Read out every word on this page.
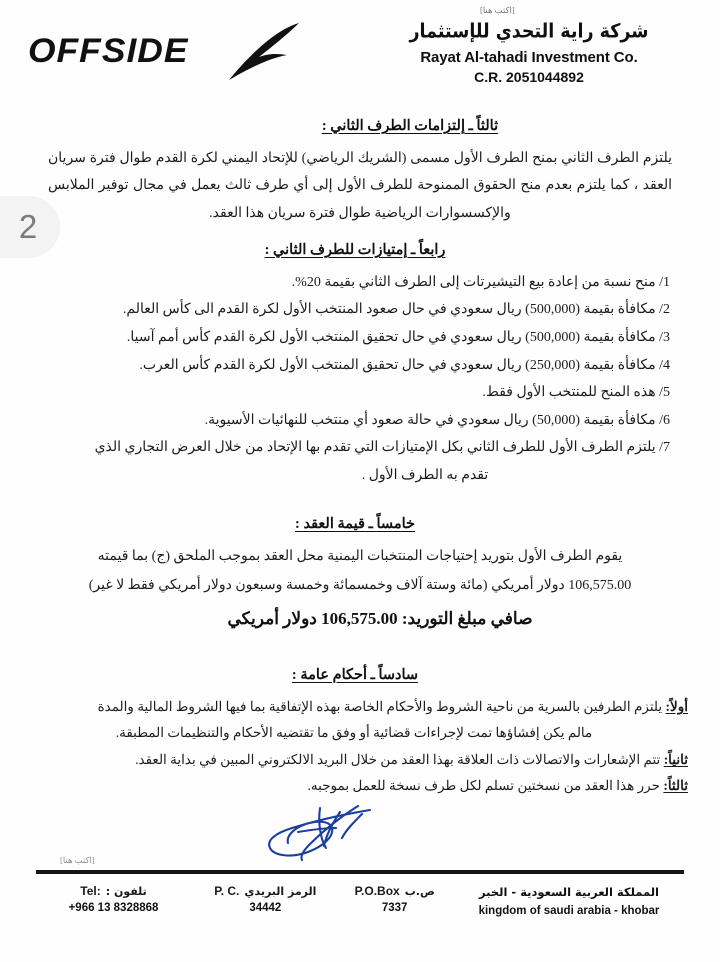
[اكتب هنا]
OFFSIDE
شركة راية التحدي للإستثمار
Rayat Al-tahadi Investment Co.
C.R. 2051044892
2
ثالثاً ـ إلتزامات الطرف الثاني :

يلتزم الطرف الثاني بمنح الطرف الأول مسمى (الشريك الرياضي) للإتحاد اليمني لكرة القدم طوال فترة سريان العقد ، كما يلتزم بعدم منح الحقوق الممنوحة للطرف الأول إلى أي طرف ثالث يعمل في مجال توفير الملابس والإكسسوارات الرياضية طوال فترة سريان هذا العقد.

رابعاً ـ إمتيازات للطرف الثاني :
1/ منح نسبة من إعادة بيع التيشيرتات إلى الطرف الثاني بقيمة 20%.
2/ مكافأة بقيمة (500,000) ريال سعودي في حال صعود المنتخب الأول لكرة القدم الى كأس العالم.
3/ مكافأة بقيمة (500,000) ريال سعودي في حال تحقيق المنتخب الأول لكرة القدم كأس أمم آسيا.
4/ مكافأة بقيمة (250,000) ريال سعودي في حال تحقيق المنتخب الأول لكرة القدم كأس العرب.
5/ هذه المنح للمنتخب الأول فقط.
6/ مكافأة بقيمة (50,000) ريال سعودي في حالة صعود أي منتخب للنهائيات الأسيوية.
7/ يلتزم الطرف الأول للطرف الثاني بكل الإمتيازات التي تقدم بها الإتحاد من خلال العرض التجاري الذي
تقدم به الطرف الأول .
خامساً ـ قيمة العقد :

يقوم الطرف الأول بتوريد إحتياجات المنتخبات اليمنية محل العقد بموجب الملحق (ج) بما قيمته

106,575.00 دولار أمريكي (مائة وستة آلاف وخمسمائة وخمسة وسبعون دولار أمريكي فقط لا غير)

صافي مبلغ التوريد: 106,575.00 دولار أمريكي
سادساً ـ أحكام عامة :

أولاً: يلتزم الطرفين بالسرية من ناحية الشروط والأحكام الخاصة بهذه الإتفاقية بما فيها الشروط المالية والمدة

مالم يكن إفشاؤها تمت لإجراءات قضائية أو وفق ما تقتضيه الأحكام والتنظيمات المطبقة.

ثانياً: تتم الإشعارات والاتصالات ذات العلاقة بهذا العقد من خلال البريد الالكتروني المبين في بداية العقد.

ثالثاً: حرر هذا العقد من نسختين تسلم لكل طرف نسخة للعمل بموجبه.

[اكتب هنا]
المملكة العربية السعودية - الخبر
kingdom of saudi arabia - khobar
ص.ب
P.O.Box
7337
الرمز البريدي
P. C.
34442
تلفون :
Tel:
+966 13 8328868
